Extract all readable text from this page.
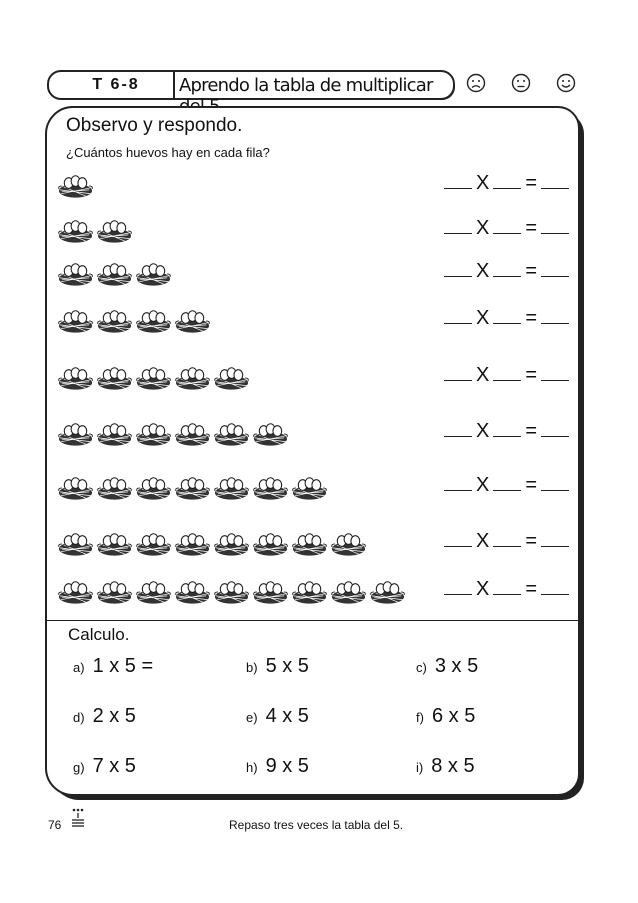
T 6-8	Aprendo la tabla de multiplicar
Observo y respondo.
¿Cuántos huevos hay en cada fila?
X =
X =
X =
X =
X =
X =
X =
X =
X =
Calculo.
a) 1 x 5 =	b) 5 x 5	c) 3 x 5
d) 2 x 5	e) 4 x 5	f) 6 x 5
g) 7 x 5	h) 9 x 5	i) 8 x 5
76	Repaso tres veces la tabla del 5.
